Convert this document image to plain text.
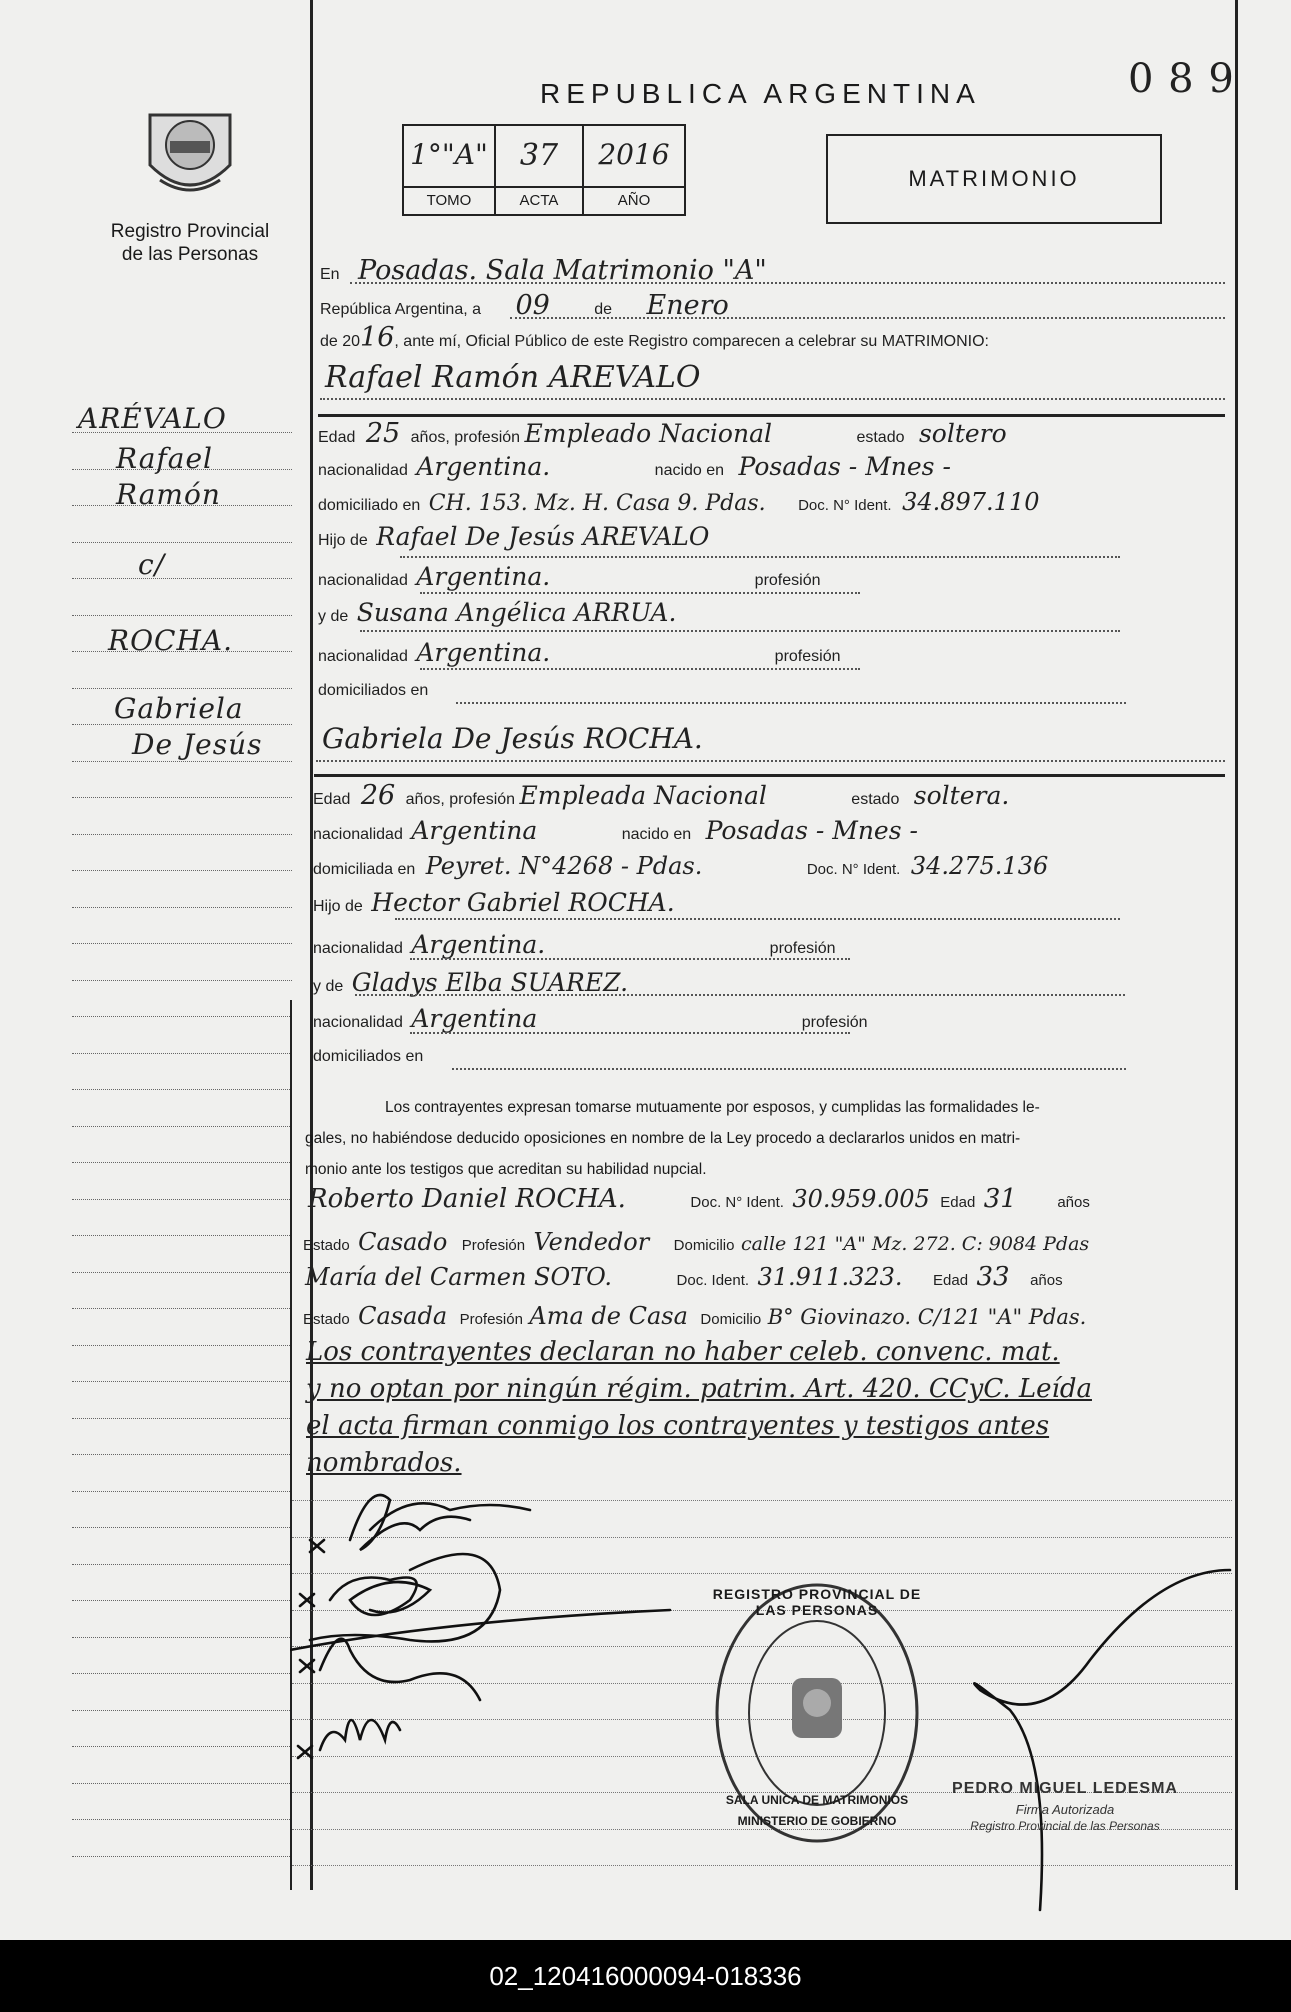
0 8 9
Registro Provincial
de las Personas
REPUBLICA ARGENTINA
1°"A"	37	2016
TOMO	ACTA	AÑO
MATRIMONIO
ARÉVALO
Rafael
Ramón
c/
ROCHA.
Gabriela
De Jesús
En Posadas. Sala Matrimonio "A"
República Argentina, a 09	de Enero
de 2016, ante mí, Oficial Público de este Registro comparecen a celebrar su MATRIMONIO:
Rafael Ramón AREVALO
Edad 25 años, profesión Empleado Nacional	estado soltero
nacionalidad Argentina.	nacido en Posadas - Mnes -
domiciliado en CH. 153. Mz. H. Casa 9. Pdas. Doc. N° Ident. 34.897.110
Hijo de Rafael De Jesús AREVALO
nacionalidad Argentina.	profesión
y de Susana Angélica ARRUA.
nacionalidad Argentina.	profesión
domiciliados en
Gabriela De Jesús ROCHA.
Edad 26 años, profesión Empleada Nacional	estado soltera.
nacionalidad Argentina	nacido en Posadas - Mnes -
domiciliada en Peyret. N°4268 - Pdas.	Doc. N° Ident. 34.275.136
Hijo de Hector Gabriel ROCHA.
nacionalidad Argentina.	profesión
y de Gladys Elba SUAREZ.
nacionalidad Argentina	profesión
domiciliados en
Los contrayentes expresan tomarse mutuamente por esposos, y cumplidas las formalidades le-
gales, no habiéndose deducido oposiciones en nombre de la Ley procedo a declararlos unidos en matri-
monio ante los testigos que acreditan su habilidad nupcial.
Roberto Daniel ROCHA.	Doc. N° Ident. 30.959.005 Edad 31	años
Estado Casado Profesión Vendedor Domicilio calle 121 "A" Mz. 272. C: 9084 Pdas
María del Carmen SOTO.	Doc. Ident. 31.911.323. Edad 33 años
Estado Casada Profesión Ama de Casa Domicilio B° Giovinazo. C/121 "A" Pdas.
Los contrayentes declaran no haber celeb. convenc. mat.
y no optan por ningún régim. patrim. Art. 420. CCyC. Leída
el acta firman conmigo los contrayentes y testigos antes
nombrados.
REGISTRO PROVINCIAL DE LAS PERSONAS
SALA UNICA DE MATRIMONIOS
MINISTERIO DE GOBIERNO
PEDRO MIGUEL LEDESMA
Firma Autorizada
Registro Provincial de las Personas
02_120416000094-018336
